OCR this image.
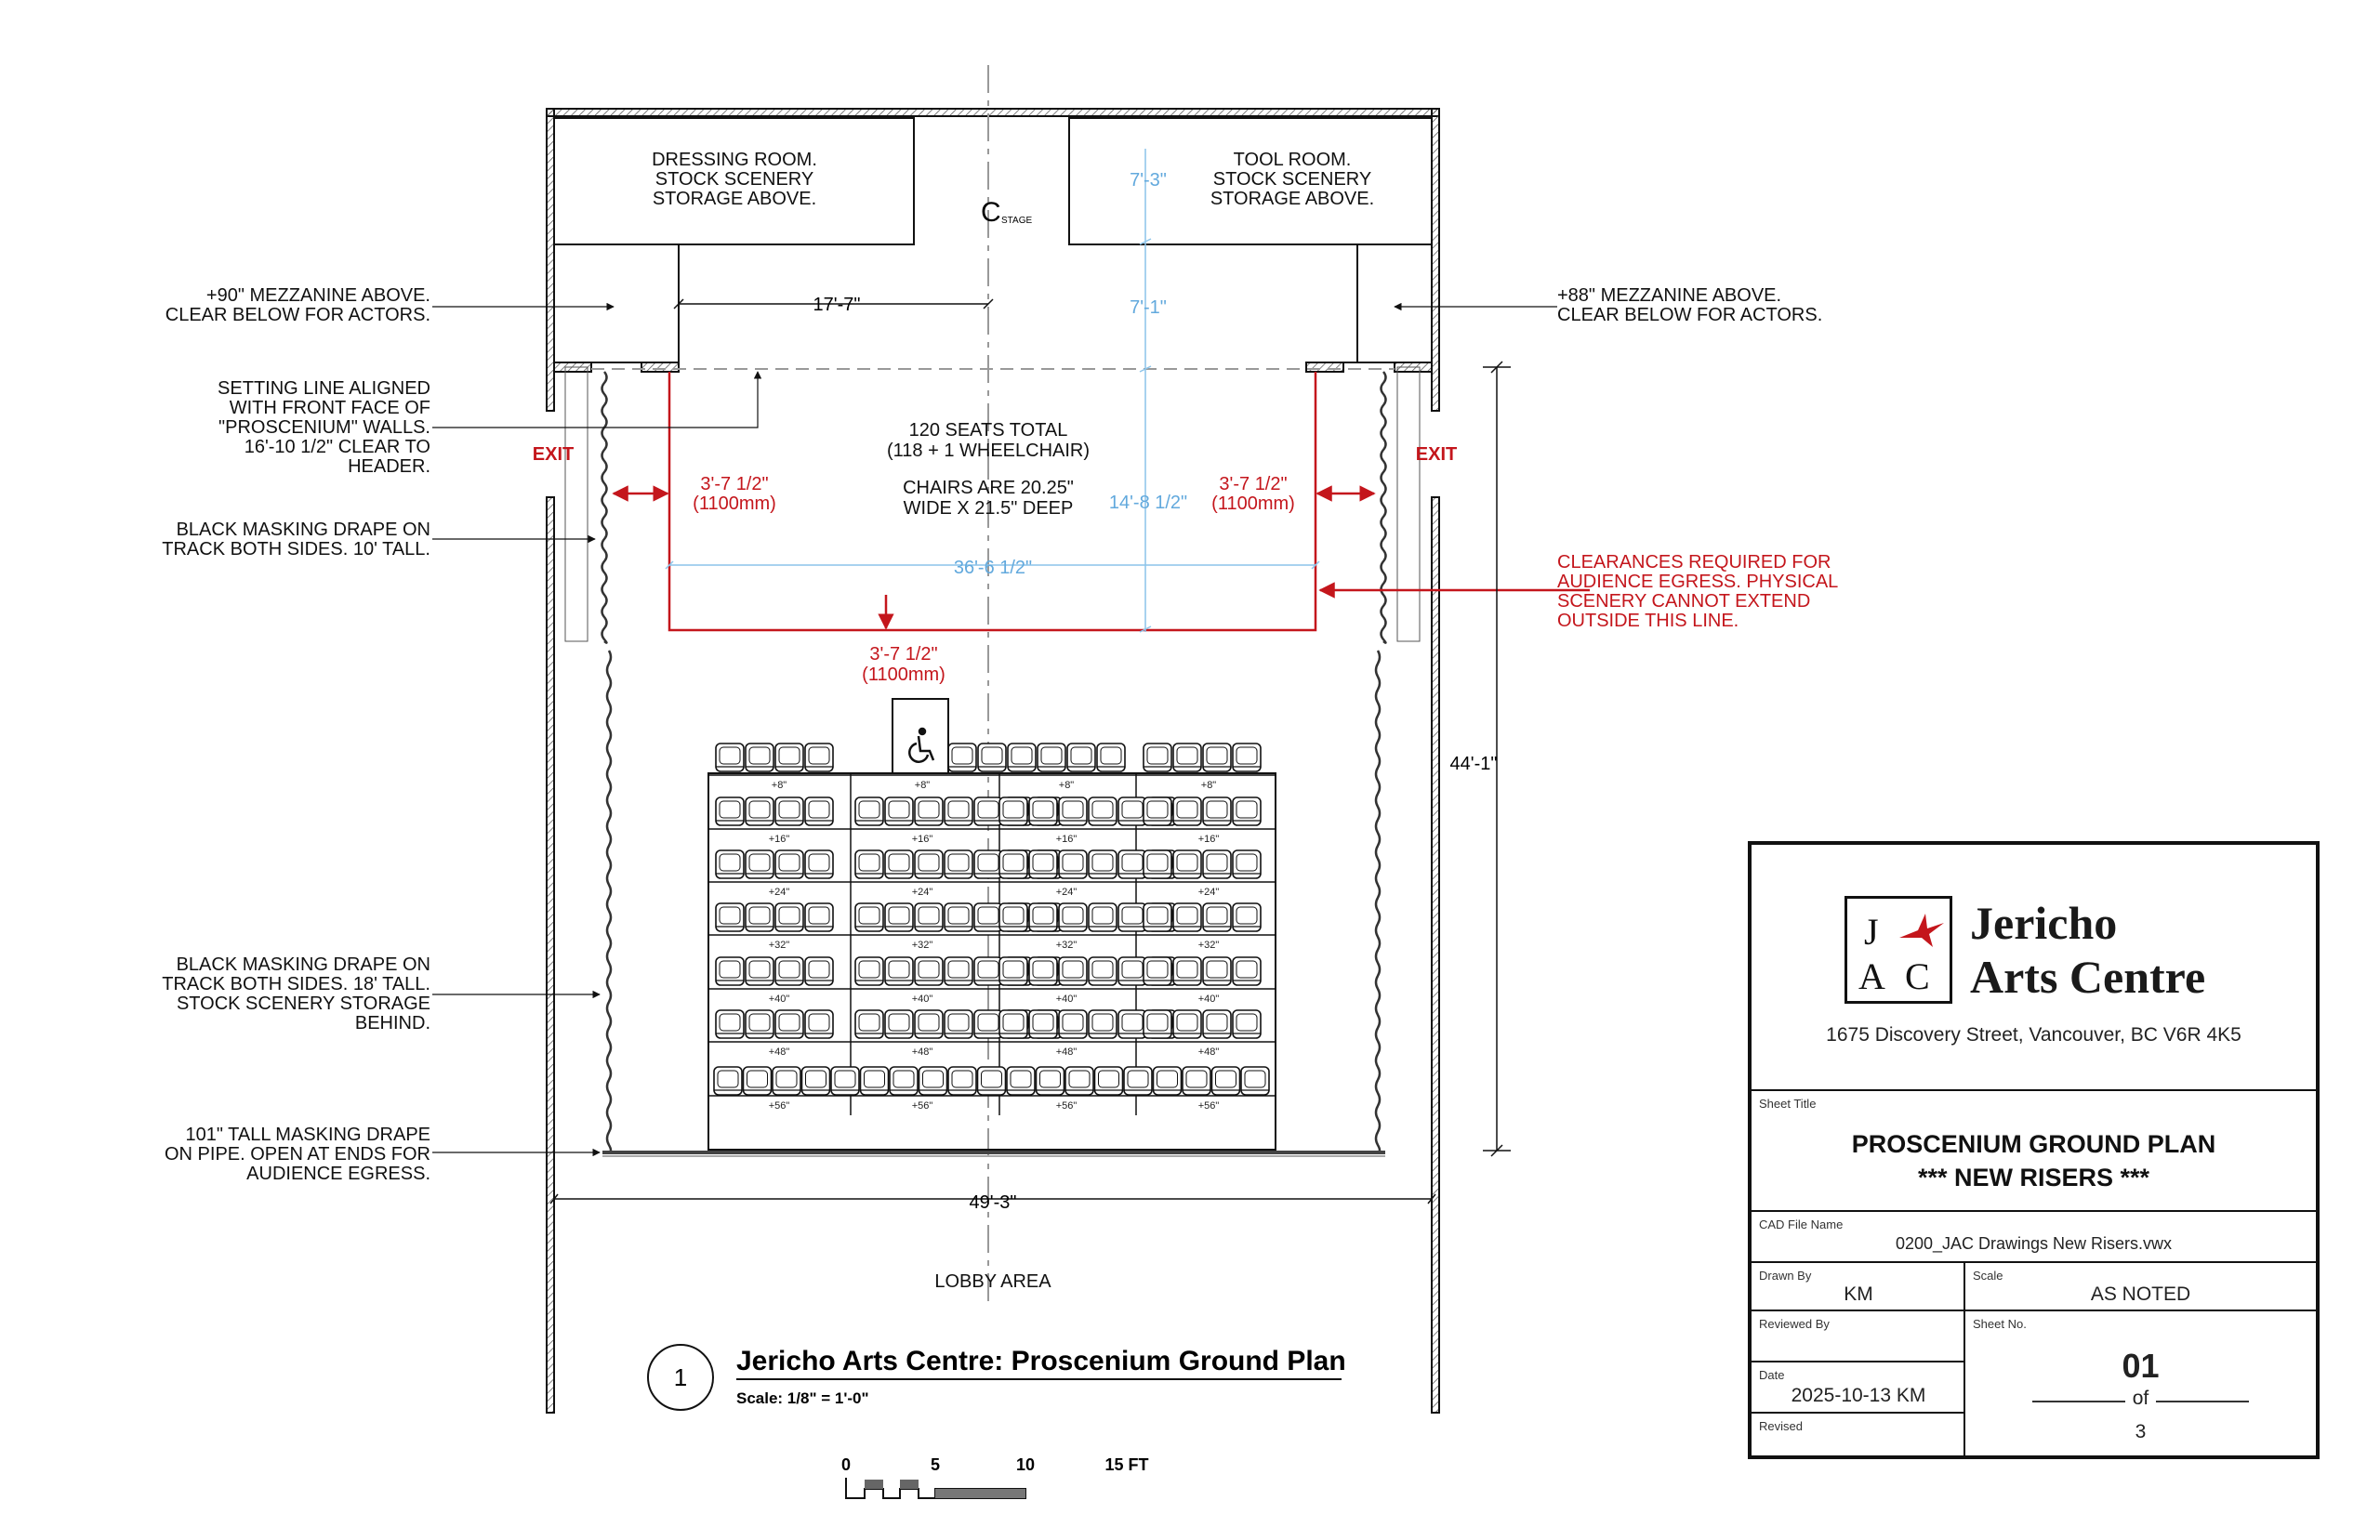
+8"	+8"	+8"	+8"
+16"	+16"	+16"	+16"
+24"	+24"	+24"	+24"
+32"	+32"	+32"	+32"
+40"	+40"	+40"	+40"
+48"	+48"	+48"	+48"
+56"	+56"	+56"	+56"
EXIT	EXIT
3'-7 1/2"
(1100mm)
3'-7 1/2"
(1100mm)
3'-7 1/2"
(1100mm)
CLEARANCES REQUIRED FOR
AUDIENCE EGRESS. PHYSICAL
SCENERY CANNOT EXTEND
OUTSIDE THIS LINE.
7'-3"
7'-1"
14'-8 1/2"
36'-6 1/2"
17'-7"
44'-1"
49'-3"
DRESSING ROOM.
STOCK SCENERY
STORAGE ABOVE.
TOOL ROOM.
STOCK SCENERY
STORAGE ABOVE.
C STAGE
120 SEATS TOTAL
(118 + 1 WHEELCHAIR)
CHAIRS ARE 20.25"
WIDE X 21.5" DEEP
+90" MEZZANINE ABOVE.
CLEAR BELOW FOR ACTORS.
SETTING LINE ALIGNED
WITH FRONT FACE OF
"PROSCENIUM" WALLS.
16'-10 1/2" CLEAR TO
HEADER.
BLACK MASKING DRAPE ON
TRACK BOTH SIDES. 10' TALL.
BLACK MASKING DRAPE ON
TRACK BOTH SIDES. 18' TALL.
STOCK SCENERY STORAGE
BEHIND.
101" TALL MASKING DRAPE
ON PIPE. OPEN AT ENDS FOR
AUDIENCE EGRESS.
+88" MEZZANINE ABOVE.
CLEAR BELOW FOR ACTORS.
LOBBY AREA
1
Jericho Arts Centre: Proscenium Ground Plan
Scale: 1/8" = 1'-0"
0	5	10	15 FT
J
A C
Jericho
Arts Centre
1675 Discovery Street, Vancouver, BC V6R 4K5
Sheet Title
PROSCENIUM GROUND PLAN
*** NEW RISERS ***
CAD File Name
0200_JAC Drawings New Risers.vwx
Drawn By
KM
Scale
AS NOTED
Reviewed By
Date
2025-10-13 KM
Revised
Sheet No.
01
of
3
